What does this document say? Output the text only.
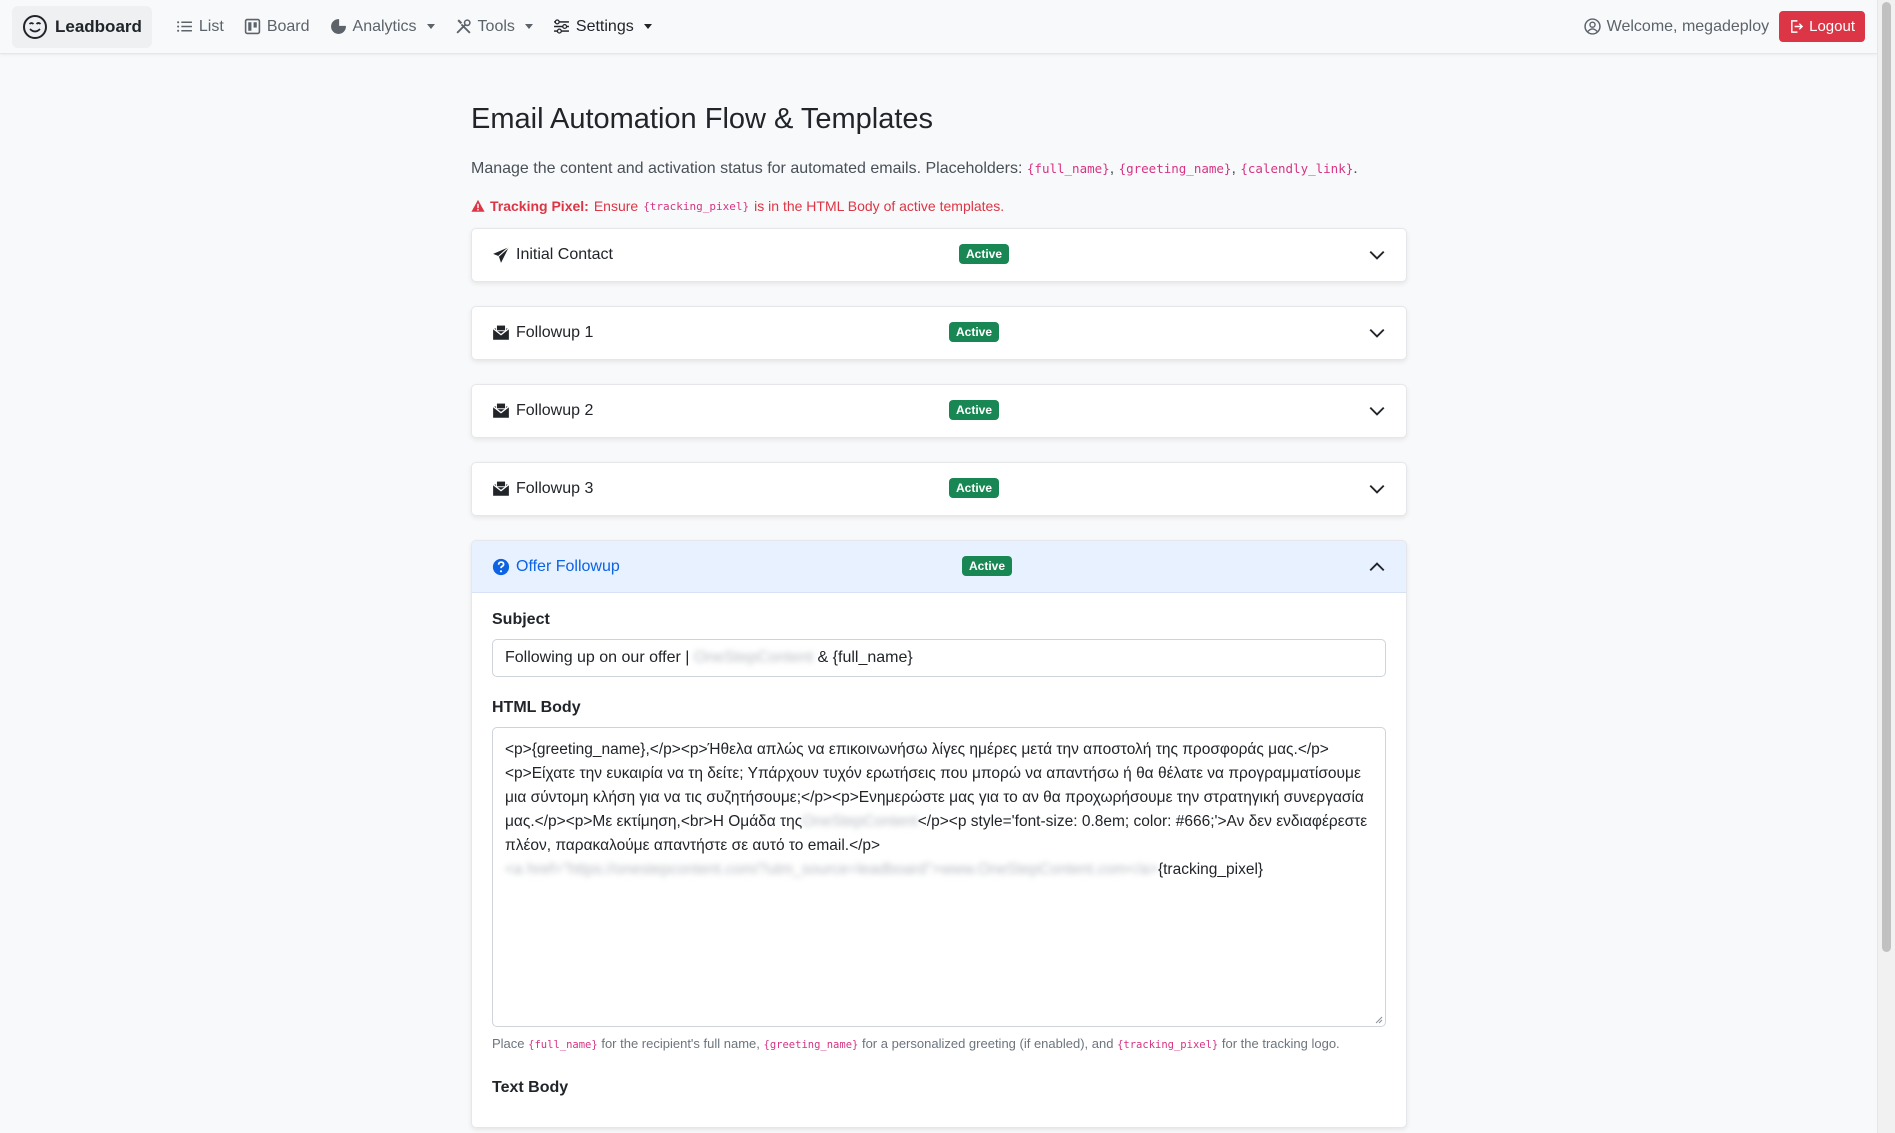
Leadboard	List	Board	Analytics	Tools	Settings	Welcome, megadeploy	Logout
Email Automation Flow & Templates

Manage the content and activation status for automated emails. Placeholders: {full_name}, {greeting_name}, {calendly_link}.

Tracking Pixel: Ensure {tracking_pixel} is in the HTML Body of active templates.
Initial Contact	Active
Followup 1	Active
Followup 2	Active
Followup 3	Active
Offer Followup	Active
Subject
Following up on our offer |
OneStepContent
& {full_name}
HTML Body
<p>{greeting_name},</p><p>Ήθελα απλώς να επικοινωνήσω λίγες ημέρες μετά την αποστολή της προσφοράς μας.</p><p>Είχατε την ευκαιρία να τη δείτε; Υπάρχουν τυχόν ερωτήσεις που μπορώ να απαντήσω ή θα θέλατε να προγραμματίσουμε μια σύντομη κλήση για να τις συζητήσουμε;</p><p>Ενημερώστε μας για το αν θα προχωρήσουμε την στρατηγική συνεργασία μας.</p><p>Με εκτίμηση,<br>Η Ομάδα τηςOneStepContent</p><p style='font-size: 0.8em; color: #666;'>Αν δεν ενδιαφέρεστε πλέον, παρακαλούμε απαντήστε σε αυτό το email.</p><a href="https://onestepcontent.com/?utm_source=leadboard">www.OneStepContent.com</a>{tracking_pixel}
Place {full_name} for the recipient's full name, {greeting_name} for a personalized greeting (if enabled), and {tracking_pixel} for the tracking logo.
Text Body
